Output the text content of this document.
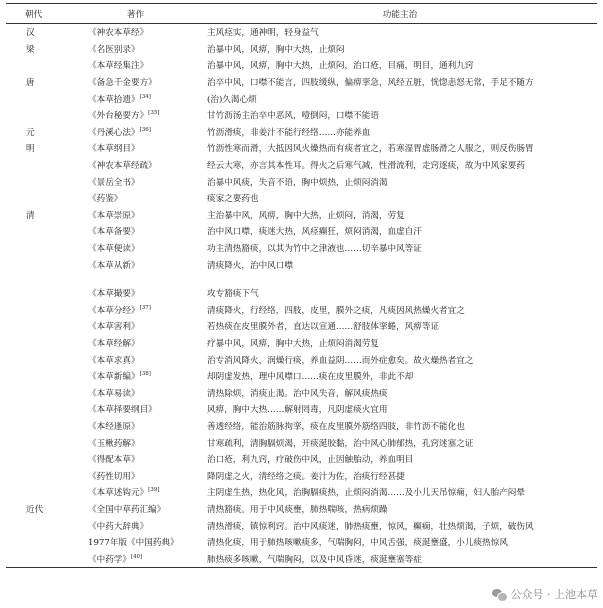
朝代	著作	功能主治
汉	《神农本草经》	主风痉实，通神明，轻身益气
梁	《名医别录》	治暴中风，风痹，胸中大热，止烦闷
	《本草经集注》	治暴中风，风痹，胸中大热，止烦闷，治口疮，目痛，明目，通利九窍
唐	《备急千金要方》	治卒中风，口噤不能言，四肢缓纵，偏痹挛急，风经五脏，恍惚恚怒无常，手足不随方
	《本草拾遗》[34]	(治)久渴心烦
	《外台秘要方》[35]	甘竹沥汤主治卒中恶风，噎倒闷，口噤不能语
元	《丹溪心法》[36]	竹沥滑痰，非姜汁不能行经络……亦能养血
明	《本草纲目》	竹沥性寒而滑，大抵因风火燥热而有痰者宜之，若寒湿胃虚肠滑之人服之，则反伤肠胃
	《神农本草经疏》	经云大寒，亦言其本性耳。得火之后寒气减，性滑流利，走窍逐痰，故为中风家要药
	《景岳全书》	治暴中风痰，失音不语，胸中烦热，止烦闷消渴
	《药鉴》	痰家之要药也
清	《本草崇原》	主治暴中风，风痹，胸中大热，止烦闷，消渴，劳复
	《本草备要》	治中风口噤，痰迷大热，风痉癫狂，烦闷消渴，血虚自汗
	《本草便读》	功主清热豁痰，以其为竹中之津液也……切辛暴中风等证
	《本草从新》	清痰降火，治中风口噤

	《本草撮要》	攻专豁痰下气
	《本草分经》[37]	清痰降火，行经络，四肢，皮里，膜外之痰，凡痰因风热燥火者宜之
	《本草害利》	若热痰在皮里膜外者，直达以宣通……舒肢体挛蜷，风痹等证
	《本草经解》	疗暴中风，风痹，胸中大热，止烦闷消渴劳复
	《本草求真》	治专消风降火，润燥行痰，养血益阴……而外症愈矣。故火燥热者宜之
	《本草新编》[38]	却阴虚发热，理中风噤口……痰在皮里膜外，非此不却
	《本草易读》	清热除烦，消痰止渴。治中风失音，解风痰热痰
	《本草择要纲目》	风痹，胸中大热……解射罔毒，凡阴虚痰火宜用
	《本经逢原》	善透经络，能治筋脉拘挛，痰在皮里膜外筋络四肢，非竹沥不能化也
	《玉楸药解》	甘寒疏利，清胸膈烦渴，开痰涎胶黏，治中风心肺郁热，孔窍迷塞之证
	《得配本草》	治口疮，利九窍，疗破伤中风，止因触胎动，养血明目
	《药性切用》	降阴虚之火，清经络之痰。姜汁为佐，治痰行经甚捷
	《本草述钩元》[39]	主阴虚生热，热化风，治胸膈痰热，止烦闷消渴……及小儿天吊惊痫，妇人胎产闷晕
近代	《全国中草药汇编》	清热豁痰。用于中风痰壅，肺热喘咳，热病烦躁
	《中药大辞典》	清热滑痰，镇惊利窍。治中风痰迷，肺热痰壅，惊风，癫痫，壮热烦渴，子烦，破伤风
	1977年版《中国药典》	清热化痰，用于肺热咳嗽痰多，气喘胸闷，中风舌强，痰涎壅盛，小儿痰热惊风
	《中药学》[40]	肺热痰多咳嗽，气喘胸闷，以及中风昏迷，痰涎壅塞等症
公众号 · 上池本草
